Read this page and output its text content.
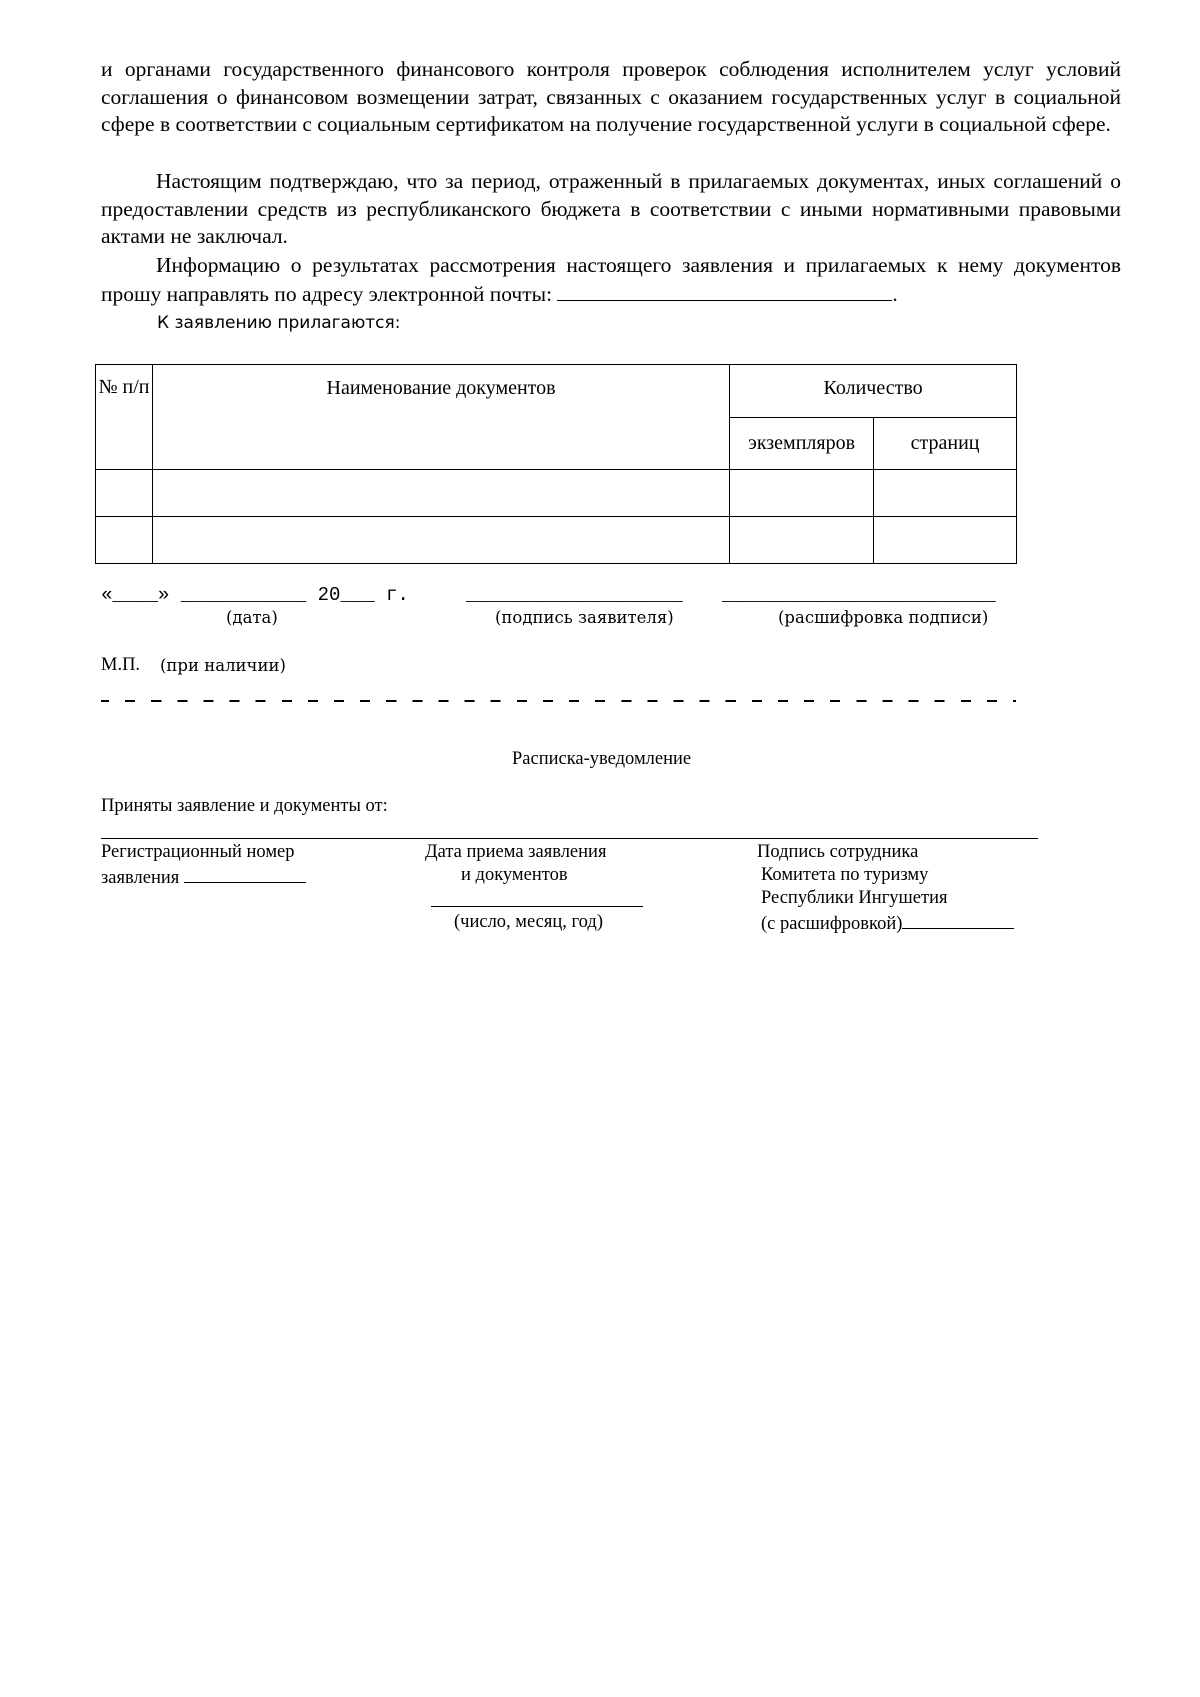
и органами государственного финансового контроля проверок соблюдения исполнителем услуг условий соглашения о финансовом возмещении затрат, связанных с оказанием государственных услуг в социальной сфере в соответствии с социальным сертификатом на получение государственной услуги в социальной сфере.

Настоящим подтверждаю, что за период, отраженный в прилагаемых документах, иных соглашений о предоставлении средств из республиканского бюджета в соответствии с иными нормативными правовыми актами не заключал.

Информацию о результатах рассмотрения настоящего заявления и прилагаемых к нему документов прошу направлять по адресу электронной почты:	.

К заявлению прилагаются:
№ п/п	Наименование документов	Количество	
		экземпляров	страниц

«____» ___________ 20___ г.	___________________ ________________________
(дата)	(подпись заявителя)	(расшифровка подписи)
М.П. (при наличии)
Расписка-уведомление
Приняты заявление и документы от:
Регистрационный номер
заявления
Дата приема заявления
и документов
(число, месяц, год)
Подпись сотрудника
Комитета по туризму
Республики Ингушетия
(с расшифровкой)
